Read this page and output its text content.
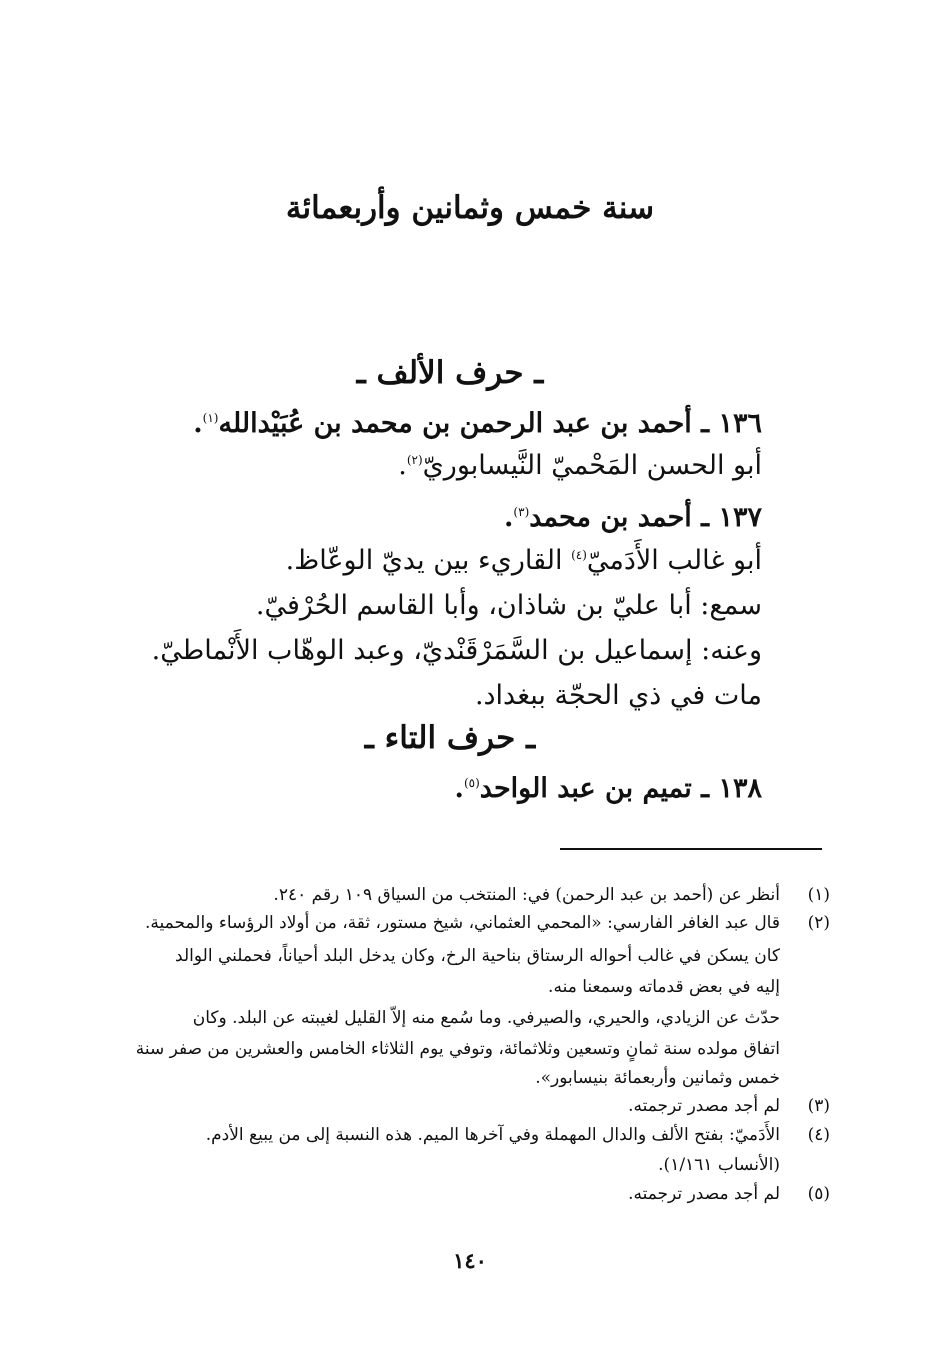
سنة خمس وثمانين وأربعمائة
ـ حرف الألف ـ
١٣٦ ـ أحمد بن عبد الرحمن بن محمد بن عُبَيْدالله$^{(١)}$.
أبو الحسن المَحْميّ النَّيسابوريّ$^{(٢)}$.
١٣٧ ـ أحمد بن محمد$^{(٣)}$.
أبو غالب الأَدَميّ$^{(٤)}$ القاريء بين يديّ الوعّاظ.
سمع: أبا عليّ بن شاذان، وأبا القاسم الحُرْفيّ.
وعنه: إسماعيل بن السَّمَرْقَنْديّ، وعبد الوهّاب الأَنْماطيّ.
مات في ذي الحجّة ببغداد.
ـ حرف التاء ـ
١٣٨ ـ تميم بن عبد الواحد$^{(٥)}$.
(١)
أنظر عن (أحمد بن عبد الرحمن) في: المنتخب من السياق ١٠٩ رقم ٢٤٠.
(٢)
قال عبد الغافر الفارسي: «المحمي العثماني، شيخ مستور، ثقة، من أولاد الرؤساء والمحمية.
كان يسكن في غالب أحواله الرستاق بناحية الرخ، وكان يدخل البلد أحياناً، فحملني الوالد
إليه في بعض قدماته وسمعنا منه.
حدّث عن الزيادي، والحيري، والصيرفي. وما سُمع منه إلاّ القليل لغيبته عن البلد. وكان
اتفاق مولده سنة ثمانٍ وتسعين وثلاثمائة، وتوفي يوم الثلاثاء الخامس والعشرين من صفر سنة
خمس وثمانين وأربعمائة بنيسابور».
(٣)
لم أجد مصدر ترجمته.
(٤)
الأَدَميّ: بفتح الألف والدال المهملة وفي آخرها الميم. هذه النسبة إلى من يبيع الأدم.
(الأنساب ١/١٦١).
(٥)
لم أجد مصدر ترجمته.
١٤٠
